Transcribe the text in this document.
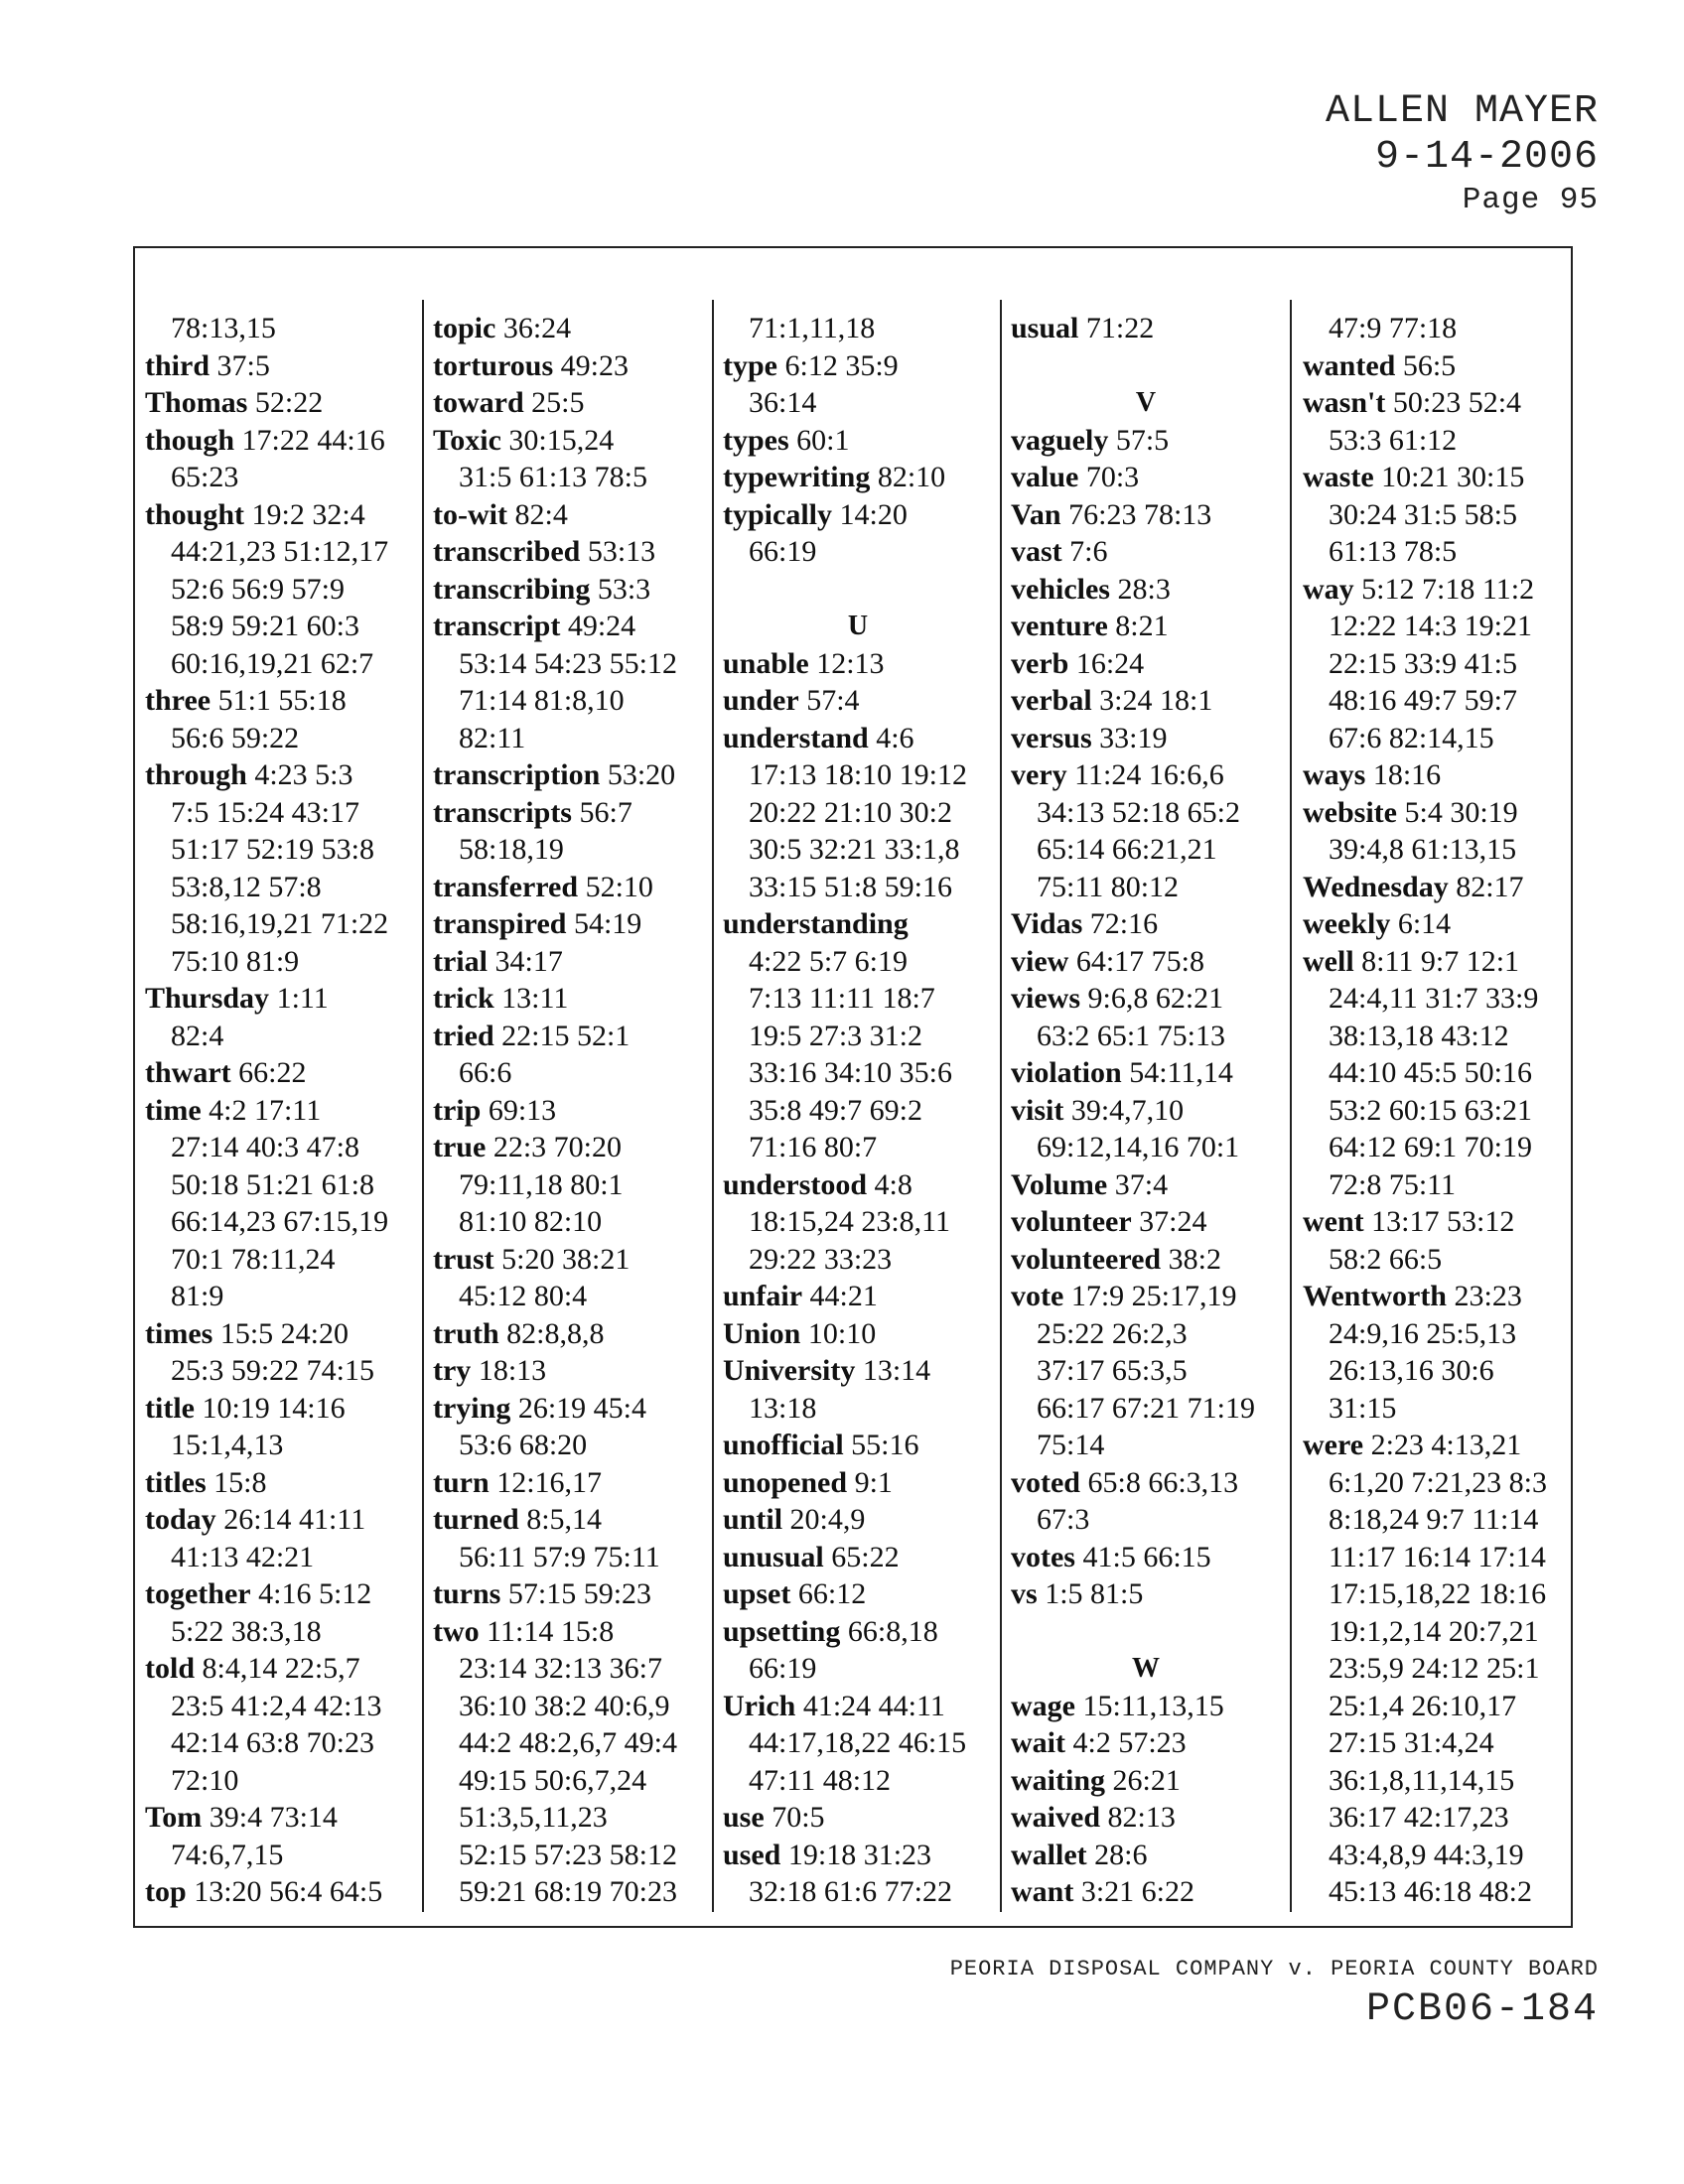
ALLEN MAYER
9-14-2006
Page 95
78:13,15
third 37:5
Thomas 52:22
though 17:22 44:16
65:23
thought 19:2 32:4
44:21,23 51:12,17
52:6 56:9 57:9
58:9 59:21 60:3
60:16,19,21 62:7
three 51:1 55:18
56:6 59:22
through 4:23 5:3
7:5 15:24 43:17
51:17 52:19 53:8
53:8,12 57:8
58:16,19,21 71:22
75:10 81:9
Thursday 1:11
82:4
thwart 66:22
time 4:2 17:11
27:14 40:3 47:8
50:18 51:21 61:8
66:14,23 67:15,19
70:1 78:11,24
81:9
times 15:5 24:20
25:3 59:22 74:15
title 10:19 14:16
15:1,4,13
titles 15:8
today 26:14 41:11
41:13 42:21
together 4:16 5:12
5:22 38:3,18
told 8:4,14 22:5,7
23:5 41:2,4 42:13
42:14 63:8 70:23
72:10
Tom 39:4 73:14
74:6,7,15
top 13:20 56:4 64:5
topic 36:24
torturous 49:23
toward 25:5
Toxic 30:15,24
31:5 61:13 78:5
to-wit 82:4
transcribed 53:13
transcribing 53:3
transcript 49:24
53:14 54:23 55:12
71:14 81:8,10
82:11
transcription 53:20
transcripts 56:7
58:18,19
transferred 52:10
transpired 54:19
trial 34:17
trick 13:11
tried 22:15 52:1
66:6
trip 69:13
true 22:3 70:20
79:11,18 80:1
81:10 82:10
trust 5:20 38:21
45:12 80:4
truth 82:8,8,8
try 18:13
trying 26:19 45:4
53:6 68:20
turn 12:16,17
turned 8:5,14
56:11 57:9 75:11
turns 57:15 59:23
two 11:14 15:8
23:14 32:13 36:7
36:10 38:2 40:6,9
44:2 48:2,6,7 49:4
49:15 50:6,7,24
51:3,5,11,23
52:15 57:23 58:12
59:21 68:19 70:23
71:1,11,18
type 6:12 35:9
36:14
types 60:1
typewriting 82:10
typically 14:20
66:19
U
unable 12:13
under 57:4
understand 4:6
17:13 18:10 19:12
20:22 21:10 30:2
30:5 32:21 33:1,8
33:15 51:8 59:16
understanding
4:22 5:7 6:19
7:13 11:11 18:7
19:5 27:3 31:2
33:16 34:10 35:6
35:8 49:7 69:2
71:16 80:7
understood 4:8
18:15,24 23:8,11
29:22 33:23
unfair 44:21
Union 10:10
University 13:14
13:18
unofficial 55:16
unopened 9:1
until 20:4,9
unusual 65:22
upset 66:12
upsetting 66:8,18
66:19
Urich 41:24 44:11
44:17,18,22 46:15
47:11 48:12
use 70:5
used 19:18 31:23
32:18 61:6 77:22
usual 71:22
V
vaguely 57:5
value 70:3
Van 76:23 78:13
vast 7:6
vehicles 28:3
venture 8:21
verb 16:24
verbal 3:24 18:1
versus 33:19
very 11:24 16:6,6
34:13 52:18 65:2
65:14 66:21,21
75:11 80:12
Vidas 72:16
view 64:17 75:8
views 9:6,8 62:21
63:2 65:1 75:13
violation 54:11,14
visit 39:4,7,10
69:12,14,16 70:1
Volume 37:4
volunteer 37:24
volunteered 38:2
vote 17:9 25:17,19
25:22 26:2,3
37:17 65:3,5
66:17 67:21 71:19
75:14
voted 65:8 66:3,13
67:3
votes 41:5 66:15
vs 1:5 81:5
W
wage 15:11,13,15
wait 4:2 57:23
waiting 26:21
waived 82:13
wallet 28:6
want 3:21 6:22
47:9 77:18
wanted 56:5
wasn't 50:23 52:4
53:3 61:12
waste 10:21 30:15
30:24 31:5 58:5
61:13 78:5
way 5:12 7:18 11:2
12:22 14:3 19:21
22:15 33:9 41:5
48:16 49:7 59:7
67:6 82:14,15
ways 18:16
website 5:4 30:19
39:4,8 61:13,15
Wednesday 82:17
weekly 6:14
well 8:11 9:7 12:1
24:4,11 31:7 33:9
38:13,18 43:12
44:10 45:5 50:16
53:2 60:15 63:21
64:12 69:1 70:19
72:8 75:11
went 13:17 53:12
58:2 66:5
Wentworth 23:23
24:9,16 25:5,13
26:13,16 30:6
31:15
were 2:23 4:13,21
6:1,20 7:21,23 8:3
8:18,24 9:7 11:14
11:17 16:14 17:14
17:15,18,22 18:16
19:1,2,14 20:7,21
23:5,9 24:12 25:1
25:1,4 26:10,17
27:15 31:4,24
36:1,8,11,14,15
36:17 42:17,23
43:4,8,9 44:3,19
45:13 46:18 48:2
PEORIA DISPOSAL COMPANY v. PEORIA COUNTY BOARD
PCB06-184
